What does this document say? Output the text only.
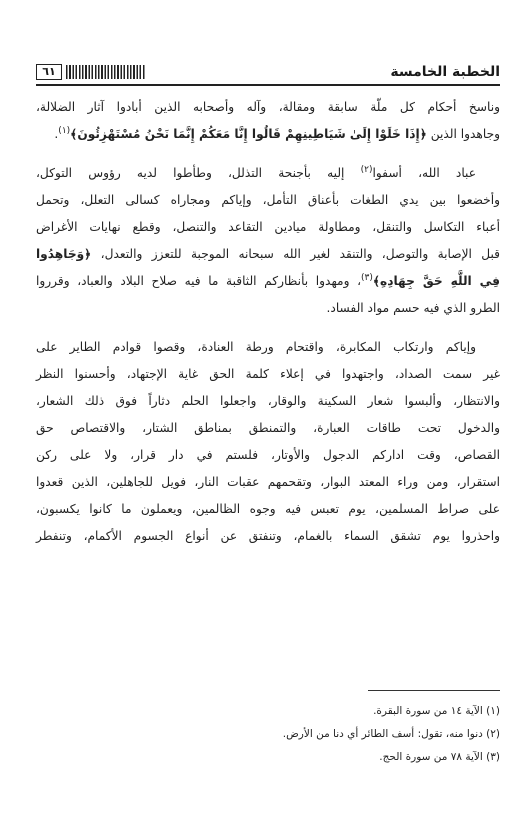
الخطبة الخامسة
٦١
وناسخ أحكام كل ملّة سابقة ومقالة، وآله وأصحابه الذين أبادوا آثار الضلالة،
وجاهدوا الذين ﴿إِذَا خَلَوْا إِلَىٰ شَيَاطِينِهِمْ قَالُوا إِنَّا مَعَكُمْ إِنَّمَا نَحْنُ مُسْتَهْزِئُونَ﴾$^{(١)}$.
عباد الله، أسفوا$^{(٢)}$ إليه بأجنحة التذلل، وطأطوا لديه رؤوس التوكل،
وأخضعوا بين يدي الطغات بأعناق التأمل، وإياكم ومجاراه كسالى التعلل، وتحمل
أعباء التكاسل والتنقل، ومطاولة ميادين التقاعد والتنصل، وقطع نهايات الأغراض
قبل الإصابة والتوصل، والتنقد لغير الله سبحانه الموجبة للتعزز والتعدل، ﴿وَجَاهِدُوا
فِي اللَّهِ حَقَّ جِهَادِهِ﴾$^{(٣)}$، ومهدوا بأنظاركم الثاقبة ما فيه صلاح البلاد والعباد، وقرروا
الطرو الذي فيه حسم مواد الفساد.
وإياكم وارتكاب المكابرة، واقتحام ورطة العنادة، وقصوا قوادم الطاير على
غير سمت الصداد، واجتهدوا في إعلاء كلمة الحق غاية الإجتهاد، وأحسنوا النظر
والانتظار، وألبسوا شعار السكينة والوقار، واجعلوا الحلم دثاراً فوق ذلك الشعار،
والدخول تحت طاقات العبارة، والتمنطق بمناطق الشتار، والاقتصاص حق
القصاص، وقت اداركم الدجول والأوتار، فلستم في دار قرار، ولا على ركن
استقرار، ومن وراء المعتد البوار، وتقحمهم عقبات النار، فويل للجاهلين، الذين قعدوا
على صراط المسلمين، يوم تعبس فيه وجوه الظالمين، ويعملون ما كانوا يكسبون،
واحذروا يوم تشقق السماء بالغمام، وتنفتق عن أنواع الجسوم الأكمام، وتنفطر
(١) الآية ١٤ من سورة البقرة.
(٢) دنوا منه، تقول: أسف الطائر أي دنا من الأرض.
(٣) الآية ٧٨ من سورة الحج.
